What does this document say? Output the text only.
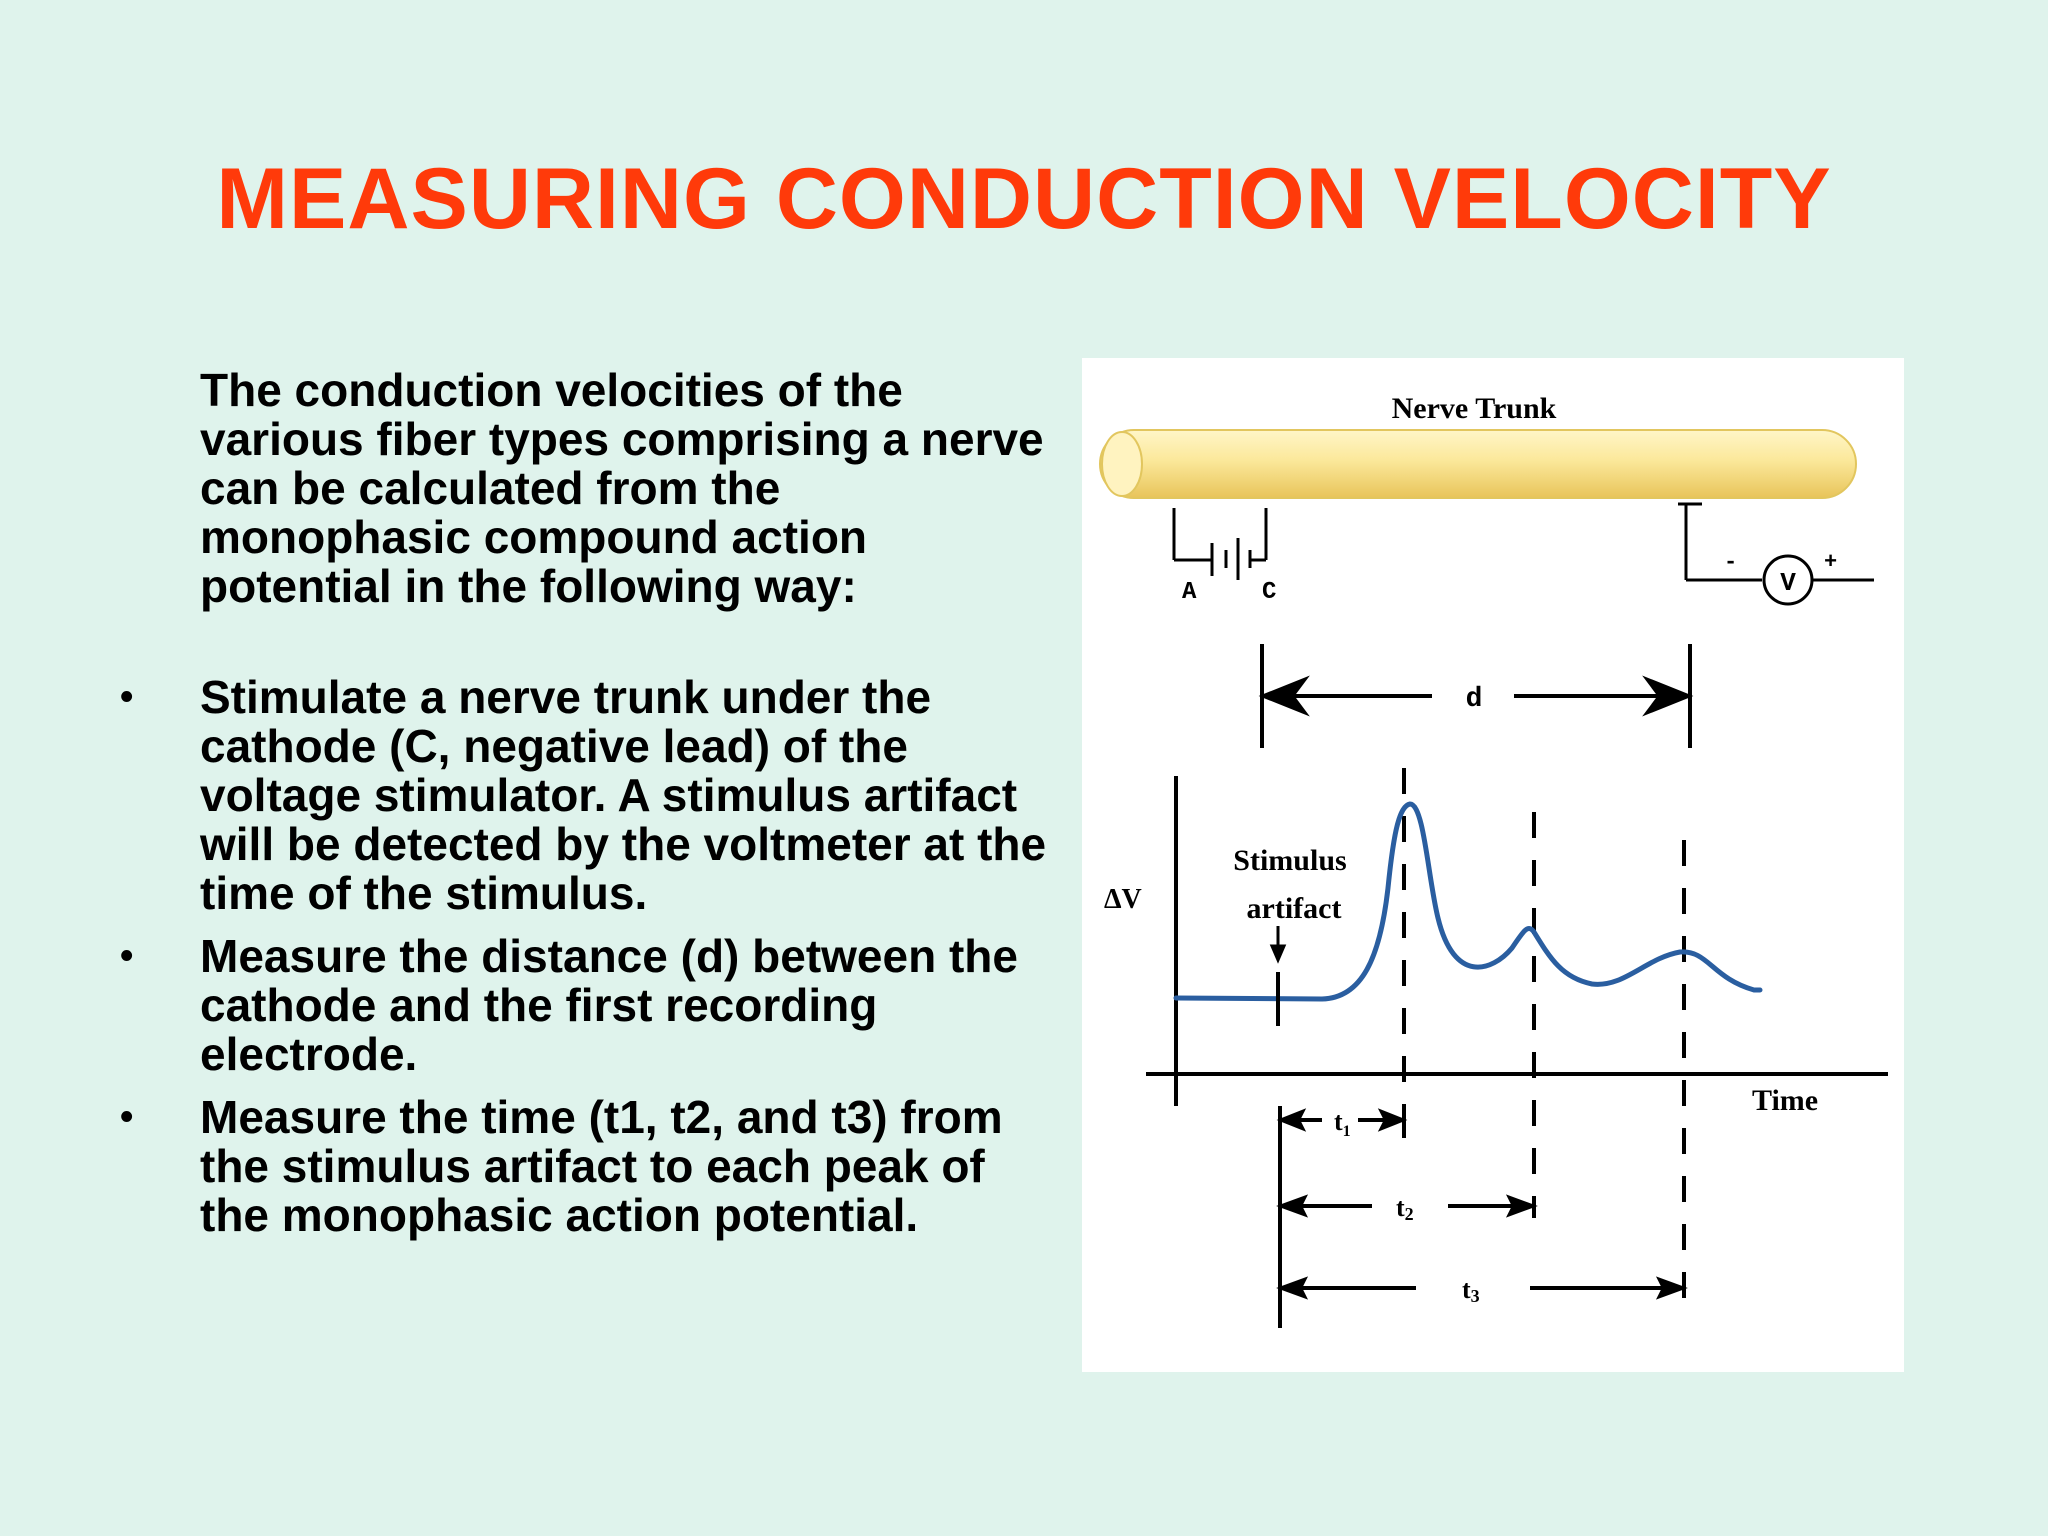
MEASURING CONDUCTION VELOCITY

The conduction velocities of the various fiber types comprising a nerve can be calculated from the monophasic compound action potential in the following way:

• Stimulate a nerve trunk under the cathode (C, negative lead) of the voltage stimulator. A stimulus artifact will be detected by the voltmeter at the time of the stimulus.
• Measure the distance (d) between the cathode and the first recording electrode.
• Measure the time (t1, t2, and t3) from the stimulus artifact to each peak of the monophasic action potential.
Nerve Trunk
A	C	V
-	+
d
ΔV
Time
Stimulus
artifact
$t_1$
t2
t3
